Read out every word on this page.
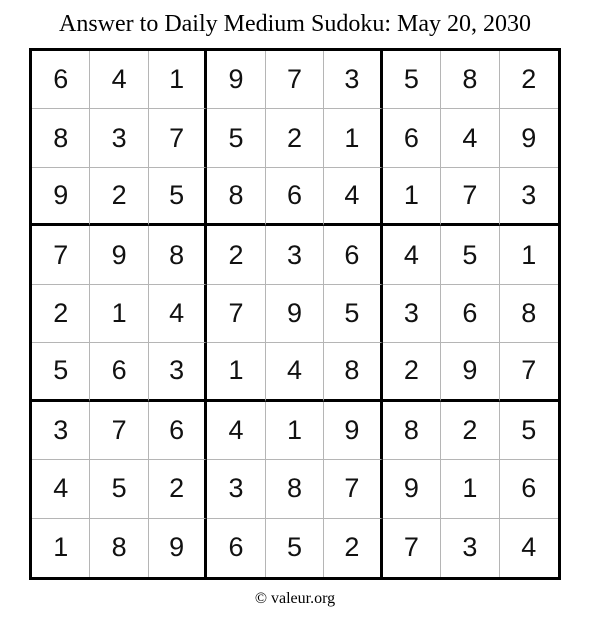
Answer to Daily Medium Sudoku: May 20, 2030
6	4	1	9	7	3	5	8	2
8	3	7	5	2	1	6	4	9
9	2	5	8	6	4	1	7	3
7	9	8	2	3	6	4	5	1
2	1	4	7	9	5	3	6	8
5	6	3	1	4	8	2	9	7
3	7	6	4	1	9	8	2	5
4	5	2	3	8	7	9	1	6
1	8	9	6	5	2	7	3	4
© valeur.org
